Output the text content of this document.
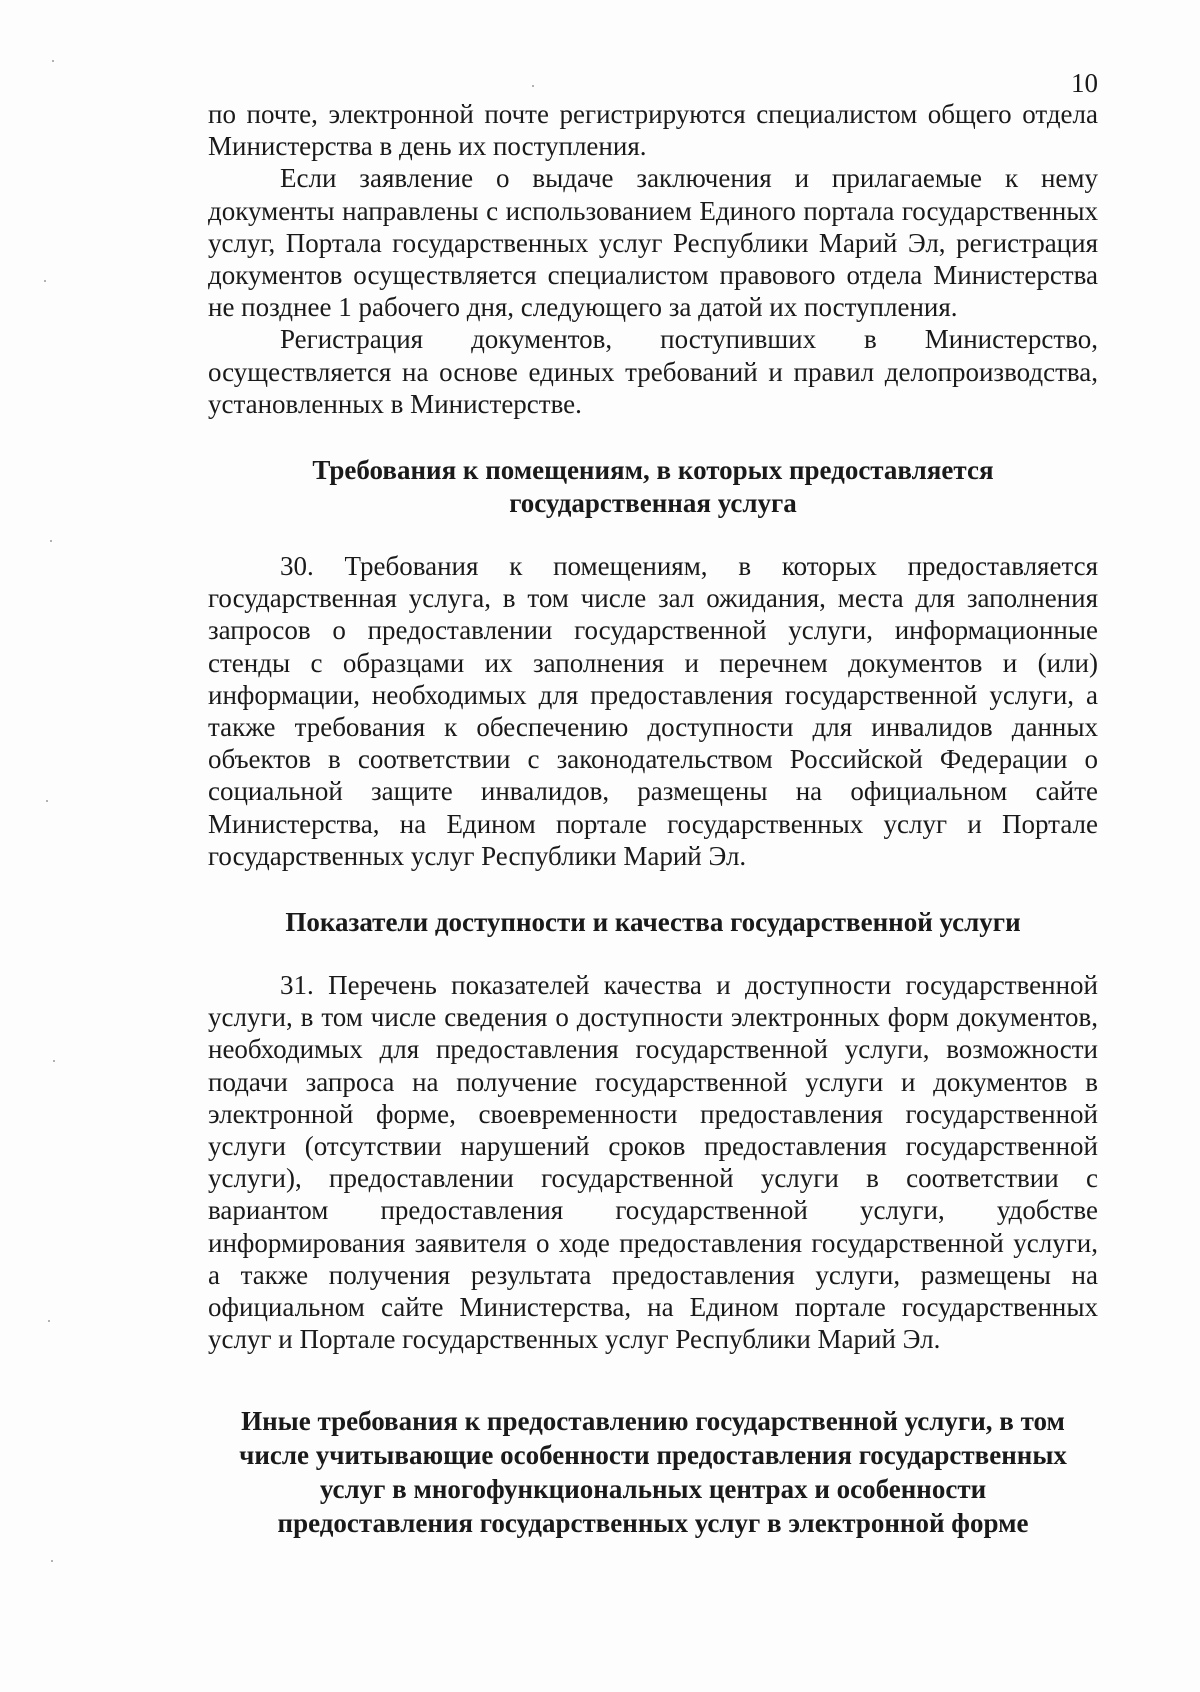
10

по почте, электронной почте регистрируются специалистом общего отдела Министерства в день их поступления.

Если заявление о выдаче заключения и прилагаемые к нему документы направлены с использованием Единого портала государственных услуг, Портала государственных услуг Республики Марий Эл, регистрация документов осуществляется специалистом правового отдела Министерства не позднее 1 рабочего дня, следующего за датой их поступления.

Регистрация документов, поступивших в Министерство, осуществляется на основе единых требований и правил делопроизводства, установленных в Министерстве.

Требования к помещениям, в которых предоставляется
государственная услуга

30. Требования к помещениям, в которых предоставляется государственная услуга, в том числе зал ожидания, места для заполнения запросов о предоставлении государственной услуги, информационные стенды с образцами их заполнения и перечнем документов и (или) информации, необходимых для предоставления государственной услуги, а также требования к обеспечению доступности для инвалидов данных объектов в соответствии с законодательством Российской Федерации о социальной защите инвалидов, размещены на официальном сайте Министерства, на Едином портале государственных услуг и Портале государственных услуг Республики Марий Эл.

Показатели доступности и качества государственной услуги

31. Перечень показателей качества и доступности государственной услуги, в том числе сведения о доступности электронных форм документов, необходимых для предоставления государственной услуги, возможности подачи запроса на получение государственной услуги и документов в электронной форме, своевременности предоставления государственной услуги (отсутствии нарушений сроков предоставления государственной услуги), предоставлении государственной услуги в соответствии с вариантом предоставления государственной услуги, удобстве информирования заявителя о ходе предоставления государственной услуги, а также получения результата предоставления услуги, размещены на официальном сайте Министерства, на Едином портале государственных услуг и Портале государственных услуг Республики Марий Эл.

Иные требования к предоставлению государственной услуги, в том
числе учитывающие особенности предоставления государственных
услуг в многофункциональных центрах и особенности
предоставления государственных услуг в электронной форме
